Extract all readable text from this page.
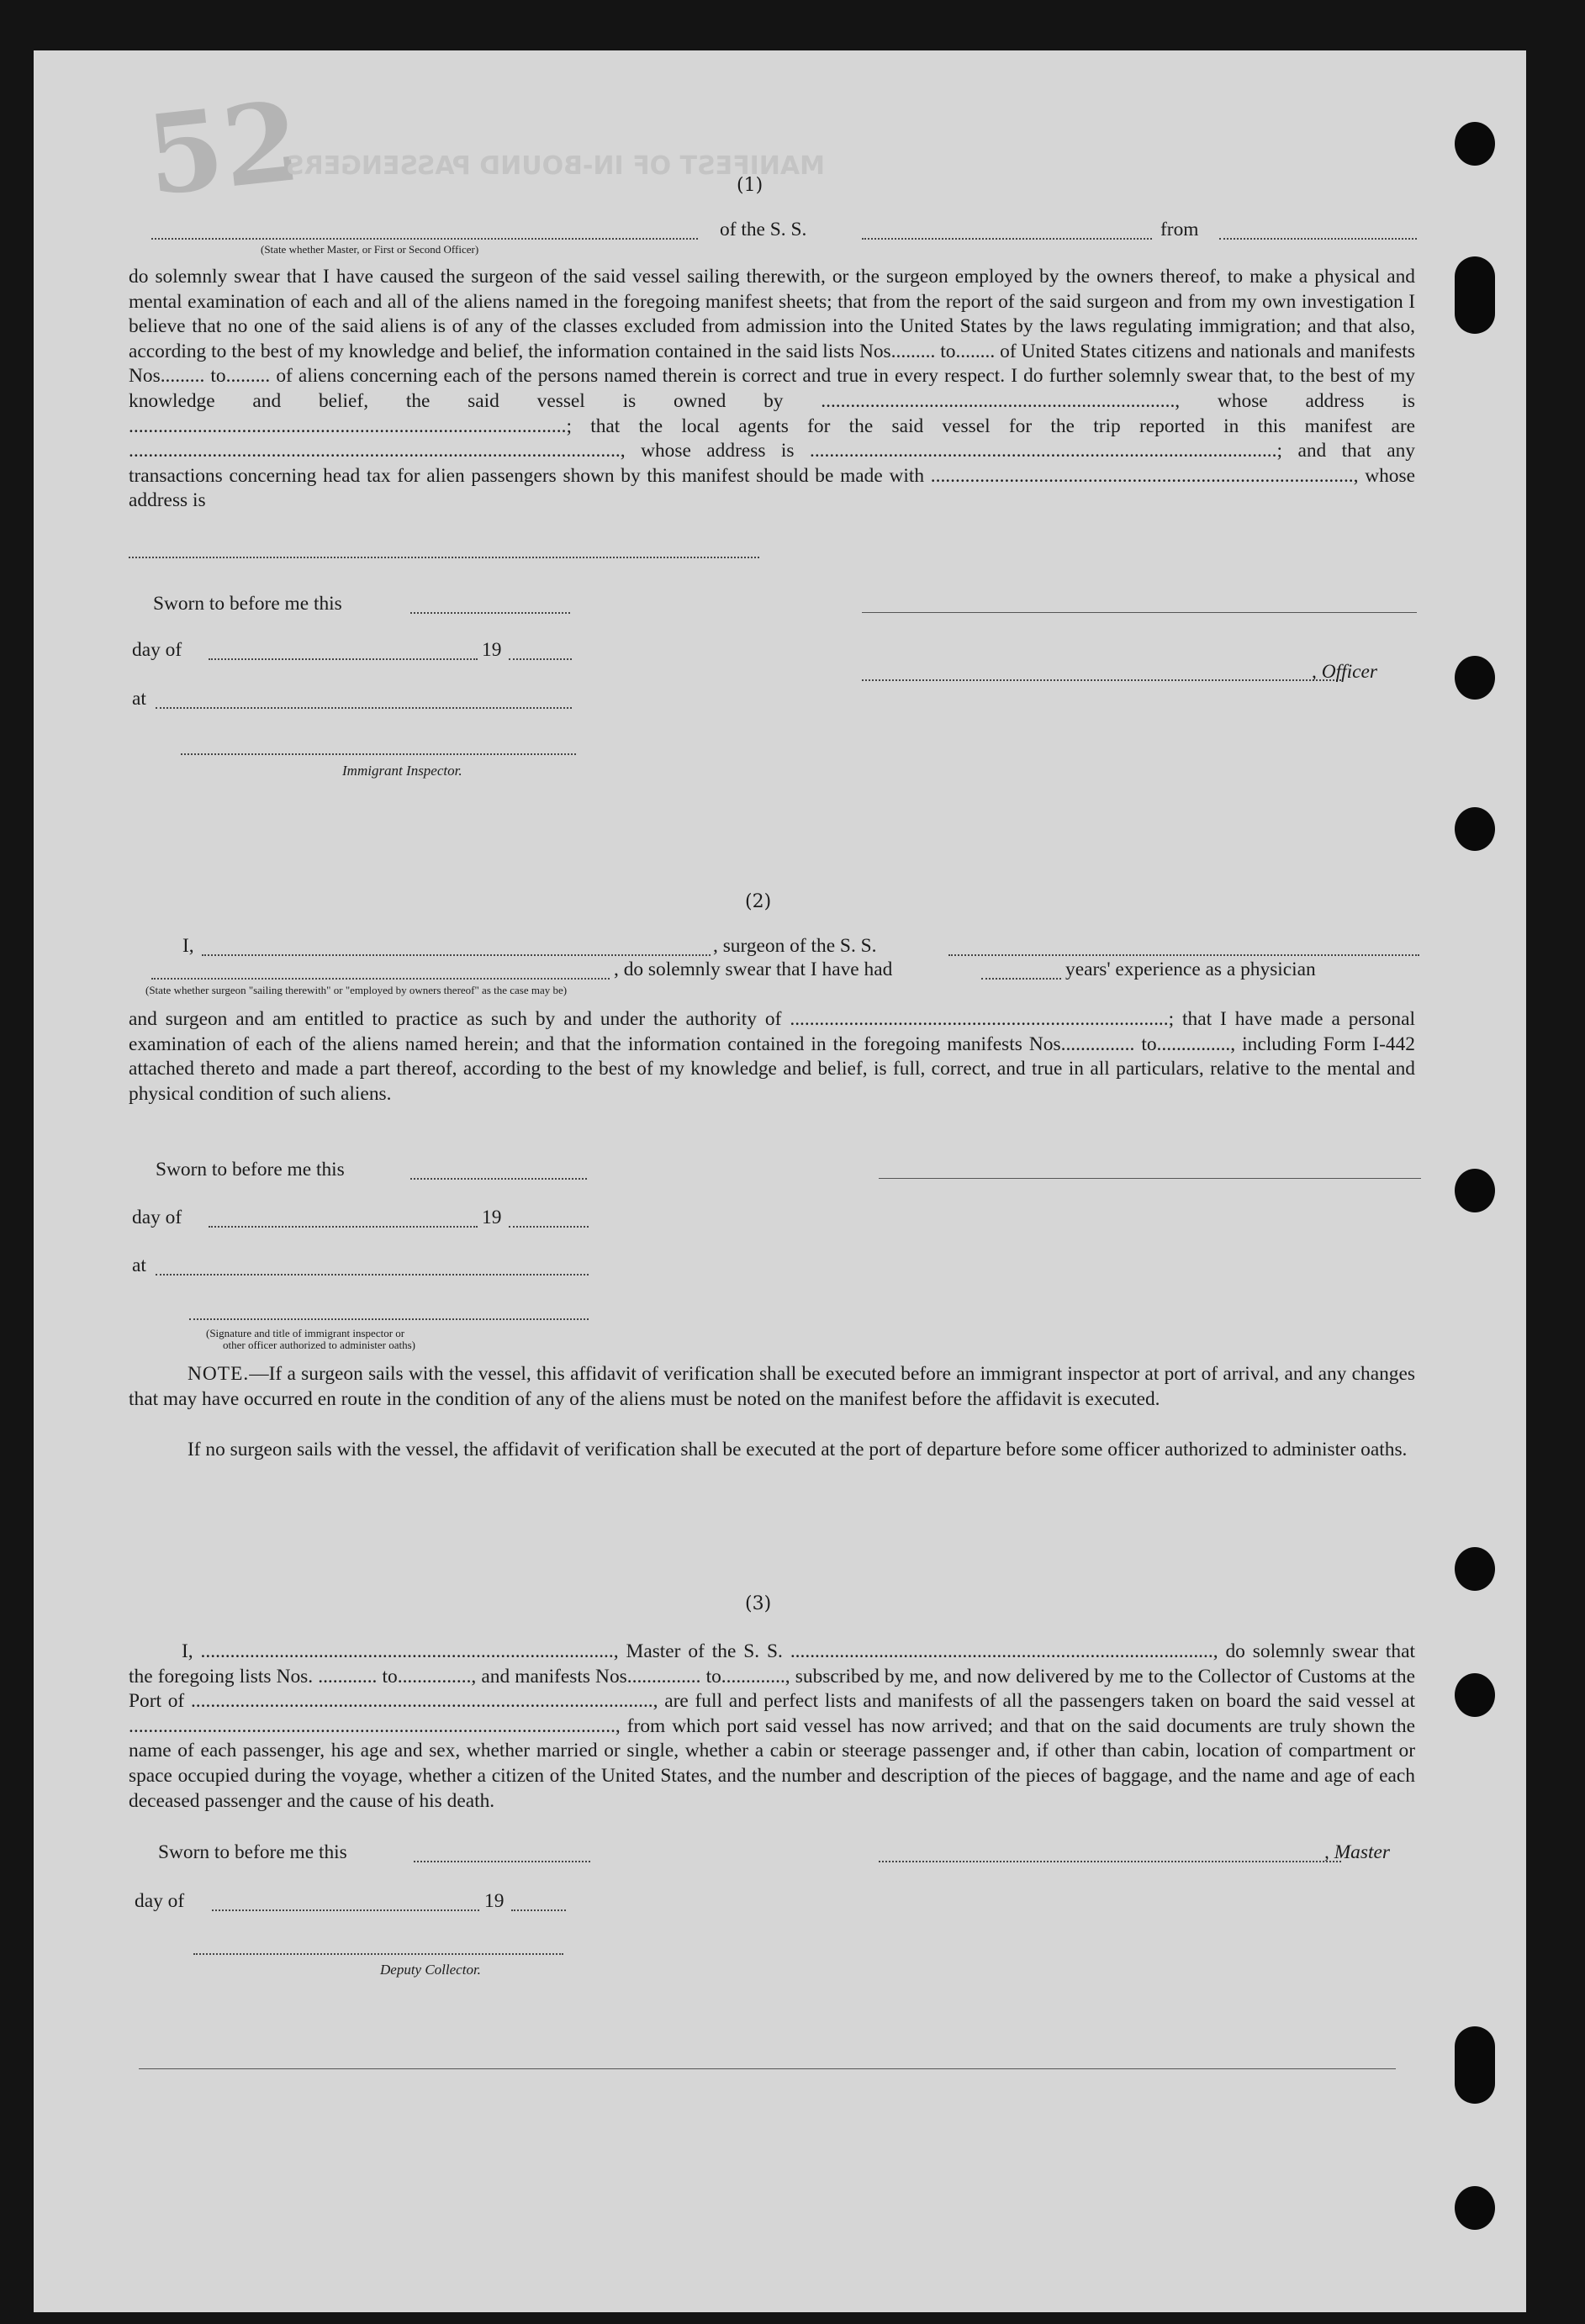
52
MANIFEST OF IN-BOUND PASSENGERS
(1)
of the S. S.	from
(State whether Master, or First or Second Officer)
do solemnly swear that I have caused the surgeon of the said vessel sailing therewith, or the surgeon employed by the owners thereof, to make a physical and mental examination of each and all of the aliens named in the foregoing manifest sheets; that from the report of the said surgeon and from my own investigation I believe that no one of the said aliens is of any of the classes excluded from admission into the United States by the laws regulating immigration; and that also, according to the best of my knowledge and belief, the information contained in the said lists Nos......... to........ of United States citizens and nationals and manifests Nos......... to......... of aliens concerning each of the persons named therein is correct and true in every respect. I do further solemnly swear that, to the best of my knowledge and belief, the said vessel is owned by ........................................................................, whose address is .........................................................................................; that the local agents for the said vessel for the trip reported in this manifest are ...................................................................................................., whose address is ...............................................................................................; and that any transactions concerning head tax for alien passengers shown by this manifest should be made with ......................................................................................, whose address is
Sworn to before me this
day of	19
, Officer
at
Immigrant Inspector.
(2)
I,	, surgeon of the S. S.
, do solemnly swear that I have had	years' experience as a physician
(State whether surgeon "sailing therewith" or "employed by owners thereof" as the case may be)
and surgeon and am entitled to practice as such by and under the authority of .............................................................................; that I have made a personal examination of each of the aliens named herein; and that the information contained in the foregoing manifests Nos............... to..............., including Form I-442 attached thereto and made a part thereof, according to the best of my knowledge and belief, is full, correct, and true in all particulars, relative to the mental and physical condition of such aliens.
Sworn to before me this
day of	19
at
(Signature and title of immigrant inspector or
other officer authorized to administer oaths)
NOTE.—If a surgeon sails with the vessel, this affidavit of verification shall be executed before an immigrant inspector at port of arrival, and any changes that may have occurred en route in the condition of any of the aliens must be noted on the manifest before the affidavit is executed.
If no surgeon sails with the vessel, the affidavit of verification shall be executed at the port of departure before some officer authorized to administer oaths.
(3)
I, ...................................................................................., Master of the S. S. ......................................................................................, do solemnly swear that the foregoing lists Nos. ............ to..............., and manifests Nos............... to............., subscribed by me, and now delivered by me to the Collector of Customs at the Port of .............................................................................................., are full and perfect lists and manifests of all the passengers taken on board the said vessel at ..................................................................................................., from which port said vessel has now arrived; and that on the said documents are truly shown the name of each passenger, his age and sex, whether married or single, whether a cabin or steerage passenger and, if other than cabin, location of compartment or space occupied during the voyage, whether a citizen of the United States, and the number and description of the pieces of baggage, and the name and age of each deceased passenger and the cause of his death.
Sworn to before me this	, Master
day of	19
Deputy Collector.
